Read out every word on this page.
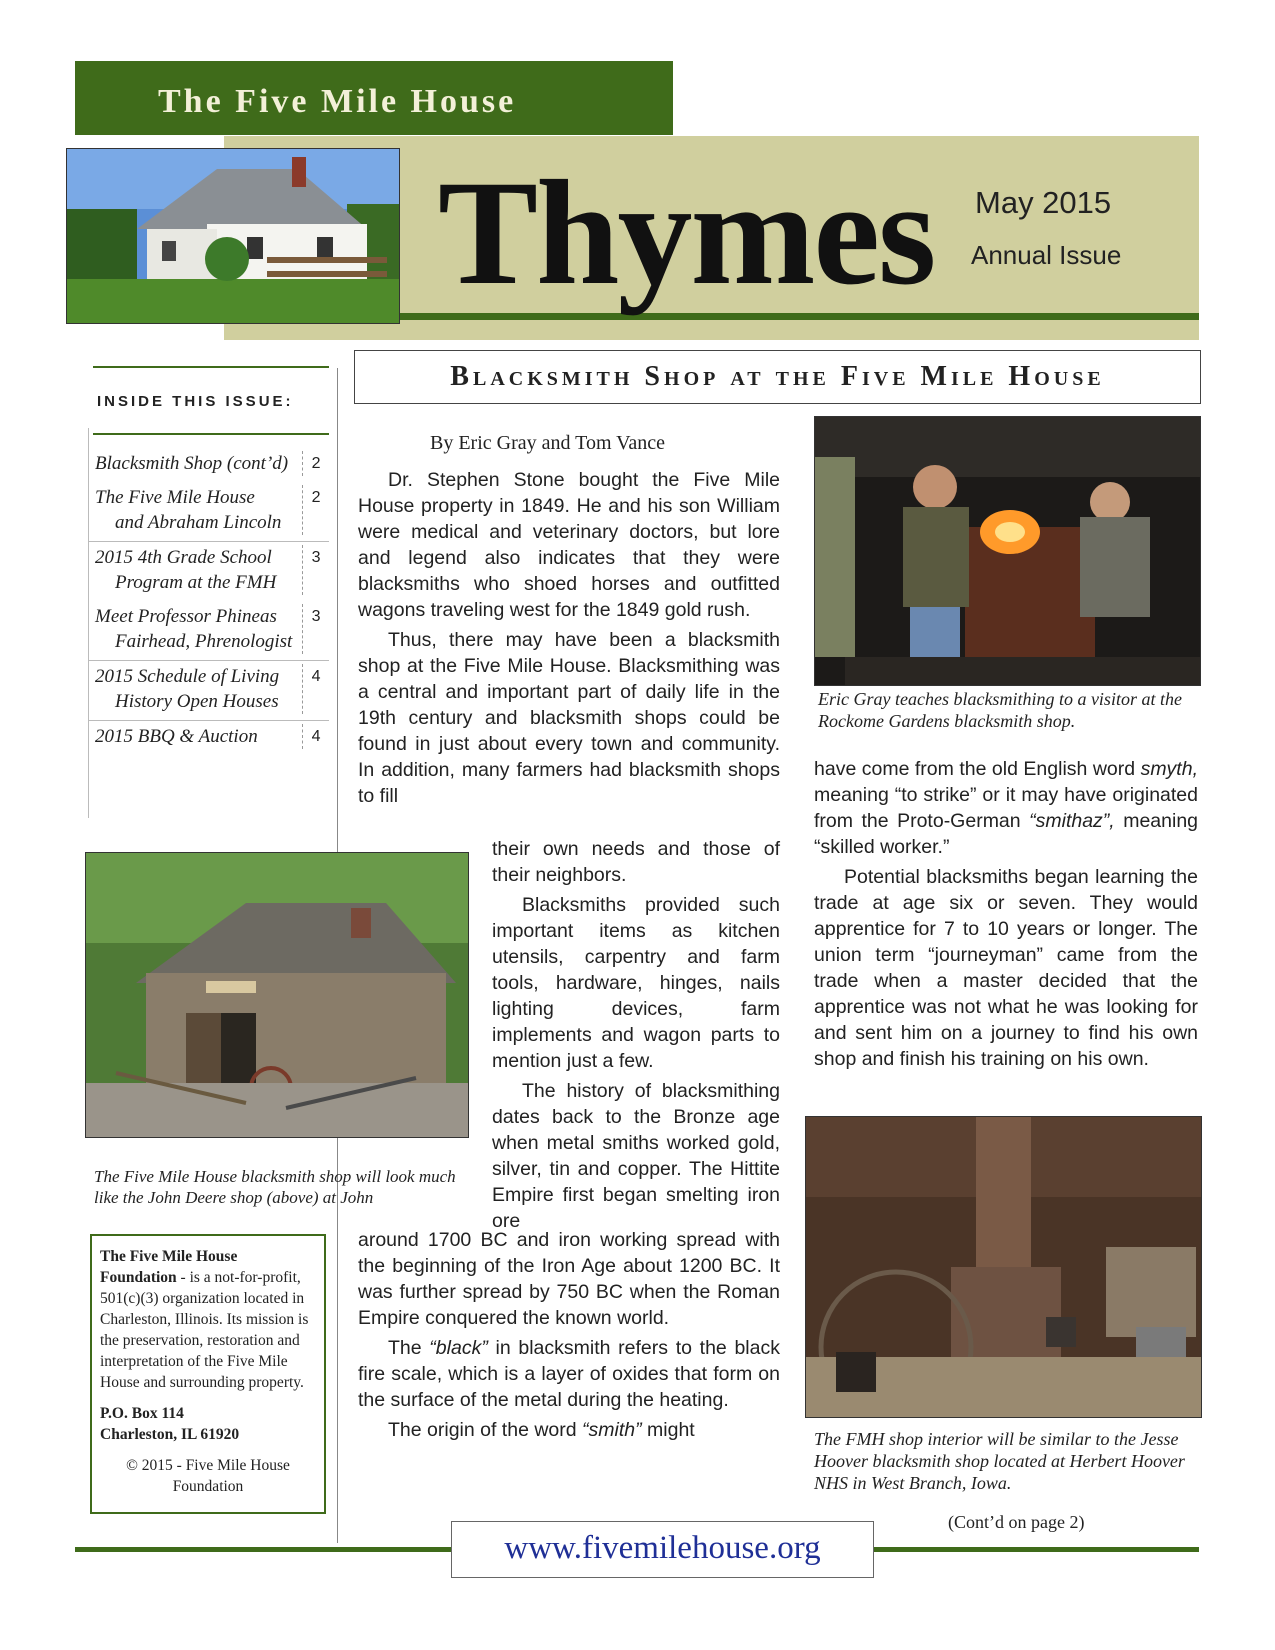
The Five Mile House
Thymes May 2015
Annual Issue
INSIDE THIS ISSUE:
Blacksmith Shop (cont’d)	2
The Five Mile House
and Abraham Lincoln
2
2015 4th Grade School
Program at the FMH
3
Meet Professor Phineas
Fairhead, Phrenologist
3
2015 Schedule of Living
History Open Houses
4
2015 BBQ & Auction	4
The Five Mile House blacksmith shop will look much like the John Deere shop (above) at John
The Five Mile House Foundation - is a not-for-profit, 501(c)(3) organization located in Charleston, Illinois. Its mission is the preservation, restoration and interpretation of the Five Mile House and surrounding property.
P.O. Box 114
Charleston, IL 61920
© 2015 - Five Mile House Foundation
Blacksmith Shop at the Five Mile House
By Eric Gray and Tom Vance

Dr. Stephen Stone bought the Five Mile House property in 1849. He and his son William were medical and veterinary doctors, but lore and legend also indicates that they were blacksmiths who shoed horses and outfitted wagons traveling west for the 1849 gold rush.

Thus, there may have been a blacksmith shop at the Five Mile House. Blacksmithing was a central and important part of daily life in the 19th century and blacksmith shops could be found in just about every town and community. In addition, many farmers had blacksmith shops to fill

their own needs and those of their neighbors.

Blacksmiths provided such important items as kitchen utensils, carpentry and farm tools, hardware, hinges, nails lighting devices, farm implements and wagon parts to mention just a few.

The history of blacksmithing dates back to the Bronze age when metal smiths worked gold, silver, tin and copper. The Hittite Empire first began smelting iron ore

around 1700 BC and iron working spread with the beginning of the Iron Age about 1200 BC. It was further spread by 750 BC when the Roman Empire conquered the known world.

The “black” in blacksmith refers to the black fire scale, which is a layer of oxides that form on the surface of the metal during the heating.

The origin of the word “smith” might

Eric Gray teaches blacksmithing to a visitor at the Rockome Gardens blacksmith shop.

have come from the old English word smyth, meaning “to strike” or it may have originated from the Proto-German “smithaz”, meaning “skilled worker.”

Potential blacksmiths began learning the trade at age six or seven. They would apprentice for 7 to 10 years or longer. The union term “journeyman” came from the trade when a master decided that the apprentice was not what he was looking for and sent him on a journey to find his own shop and finish his training on his own.

The FMH shop interior will be similar to the Jesse Hoover blacksmith shop located at Herbert Hoover NHS in West Branch, Iowa.
(Cont’d on page 2)
www.fivemilehouse.org
